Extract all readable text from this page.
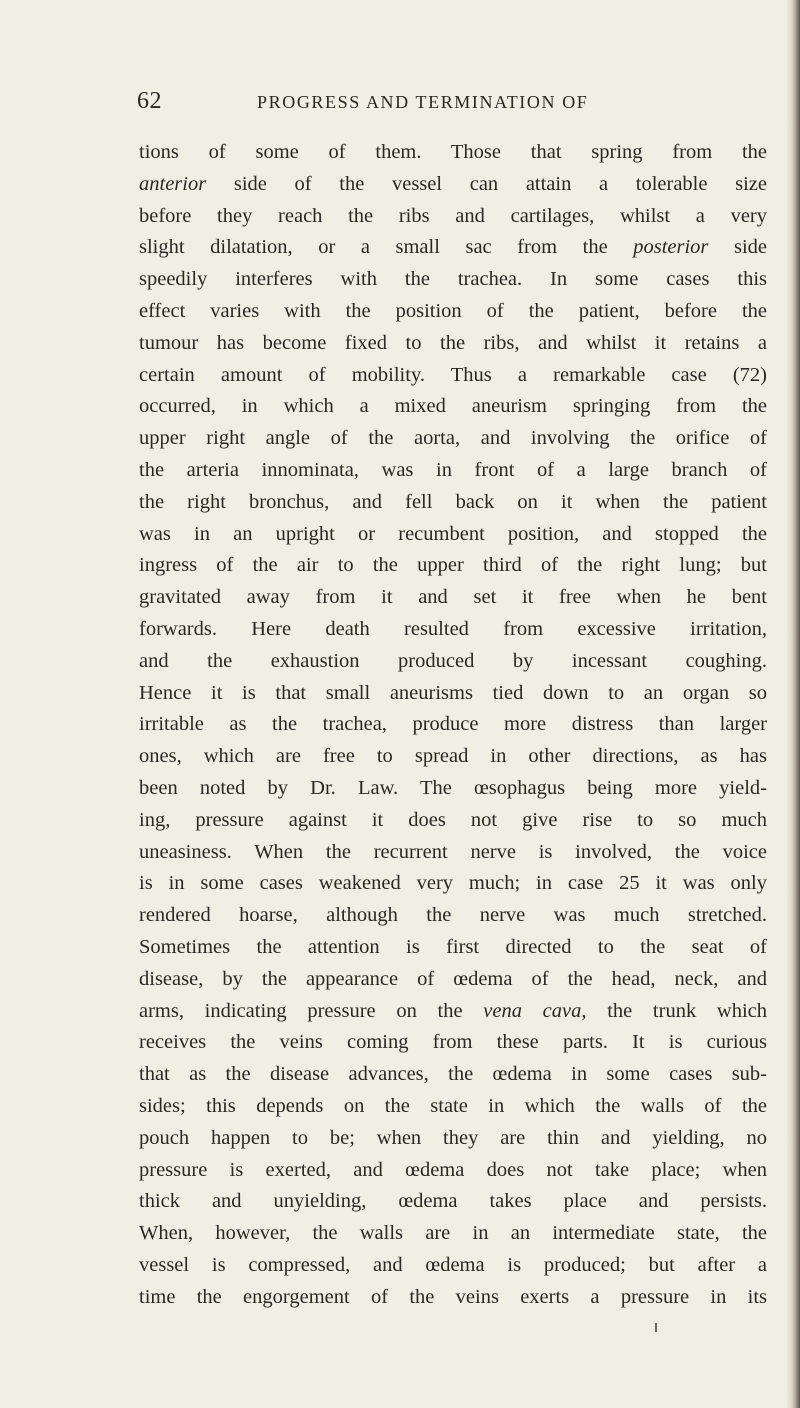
62	PROGRESS AND TERMINATION OF
tions of some of them. Those that spring from the
anterior side of the vessel can attain a tolerable size
before they reach the ribs and cartilages, whilst a very
slight dilatation, or a small sac from the posterior side
speedily interferes with the trachea. In some cases this
effect varies with the position of the patient, before the
tumour has become fixed to the ribs, and whilst it retains a
certain amount of mobility. Thus a remarkable case (72)
occurred, in which a mixed aneurism springing from the
upper right angle of the aorta, and involving the orifice of
the arteria innominata, was in front of a large branch of
the right bronchus, and fell back on it when the patient
was in an upright or recumbent position, and stopped the
ingress of the air to the upper third of the right lung; but
gravitated away from it and set it free when he bent
forwards. Here death resulted from excessive irritation,
and the exhaustion produced by incessant coughing.
Hence it is that small aneurisms tied down to an organ so
irritable as the trachea, produce more distress than larger
ones, which are free to spread in other directions, as has
been noted by Dr. Law. The œsophagus being more yield-
ing, pressure against it does not give rise to so much
uneasiness. When the recurrent nerve is involved, the voice
is in some cases weakened very much; in case 25 it was only
rendered hoarse, although the nerve was much stretched.
Sometimes the attention is first directed to the seat of
disease, by the appearance of œdema of the head, neck, and
arms, indicating pressure on the vena cava, the trunk which
receives the veins coming from these parts. It is curious
that as the disease advances, the œdema in some cases sub-
sides; this depends on the state in which the walls of the
pouch happen to be; when they are thin and yielding, no
pressure is exerted, and œdema does not take place; when
thick and unyielding, œdema takes place and persists.
When, however, the walls are in an intermediate state, the
vessel is compressed, and œdema is produced; but after a
time the engorgement of the veins exerts a pressure in its
